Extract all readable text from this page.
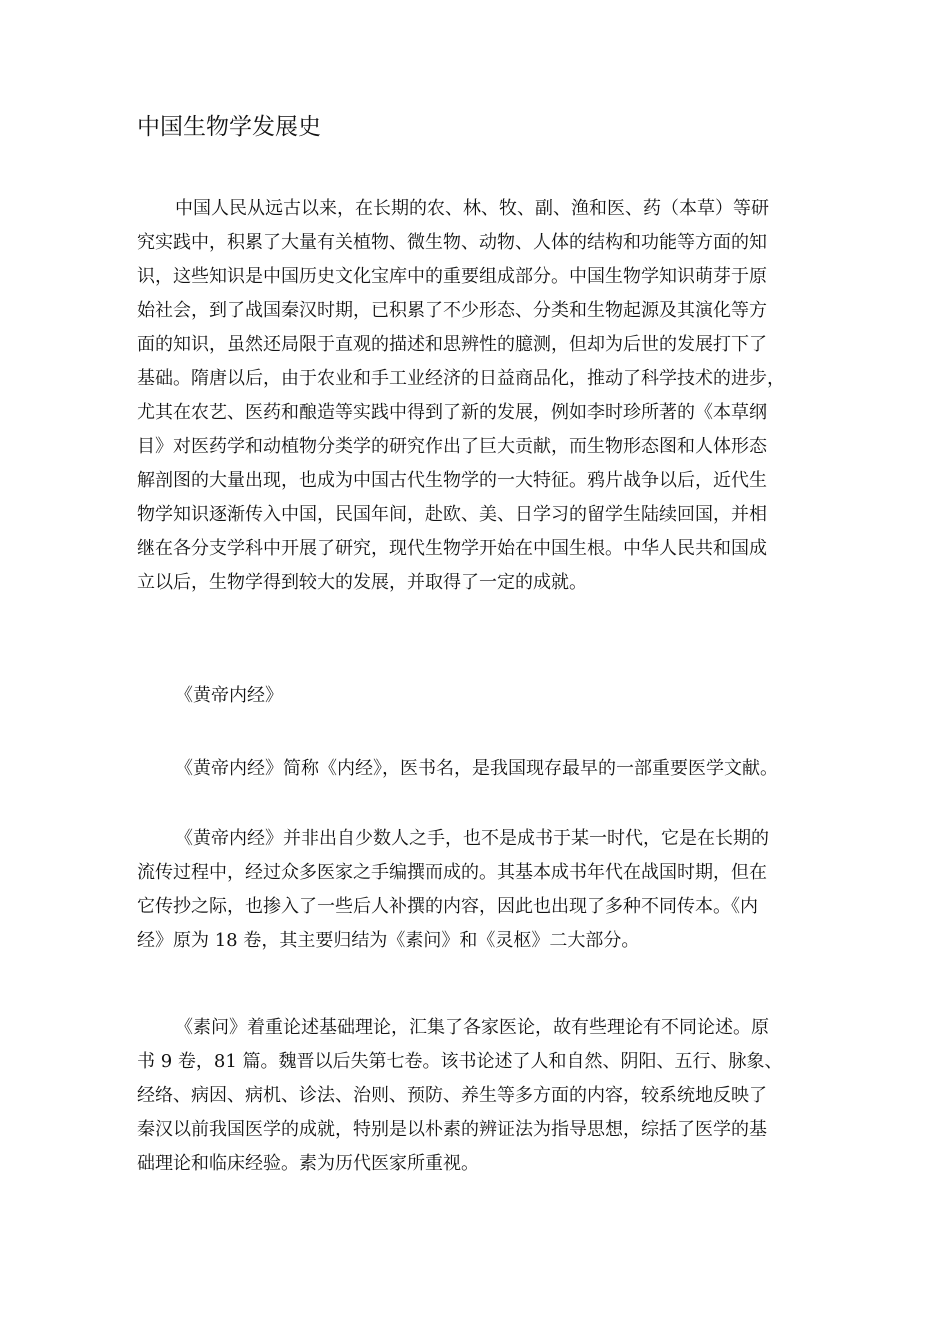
中国生物学发展史
中国人民从远古以来，在长期的农、林、牧、副、渔和医、药（本草）等研
究实践中，积累了大量有关植物、微生物、动物、人体的结构和功能等方面的知
识，这些知识是中国历史文化宝库中的重要组成部分。中国生物学知识萌芽于原
始社会，到了战国秦汉时期，已积累了不少形态、分类和生物起源及其演化等方
面的知识，虽然还局限于直观的描述和思辨性的臆测，但却为后世的发展打下了
基础。隋唐以后，由于农业和手工业经济的日益商品化，推动了科学技术的进步，
尤其在农艺、医药和酿造等实践中得到了新的发展，例如李时珍所著的《本草纲
目》对医药学和动植物分类学的研究作出了巨大贡献，而生物形态图和人体形态
解剖图的大量出现，也成为中国古代生物学的一大特征。鸦片战争以后，近代生
物学知识逐渐传入中国，民国年间，赴欧、美、日学习的留学生陆续回国，并相
继在各分支学科中开展了研究，现代生物学开始在中国生根。中华人民共和国成
立以后，生物学得到较大的发展，并取得了一定的成就。
《黄帝内经》
《黄帝内经》简称《内经》，医书名，是我国现存最早的一部重要医学文献。
《黄帝内经》并非出自少数人之手，也不是成书于某一时代，它是在长期的
流传过程中，经过众多医家之手编撰而成的。其基本成书年代在战国时期，但在
它传抄之际，也掺入了一些后人补撰的内容，因此也出现了多种不同传本。《内
经》原为 18 卷，其主要归结为《素问》和《灵枢》二大部分。
《素问》着重论述基础理论，汇集了各家医论，故有些理论有不同论述。原
书 9 卷，81 篇。魏晋以后失第七卷。该书论述了人和自然、阴阳、五行、脉象、
经络、病因、病机、诊法、治则、预防、养生等多方面的内容，较系统地反映了
秦汉以前我国医学的成就，特别是以朴素的辨证法为指导思想，综括了医学的基
础理论和临床经验。素为历代医家所重视。
